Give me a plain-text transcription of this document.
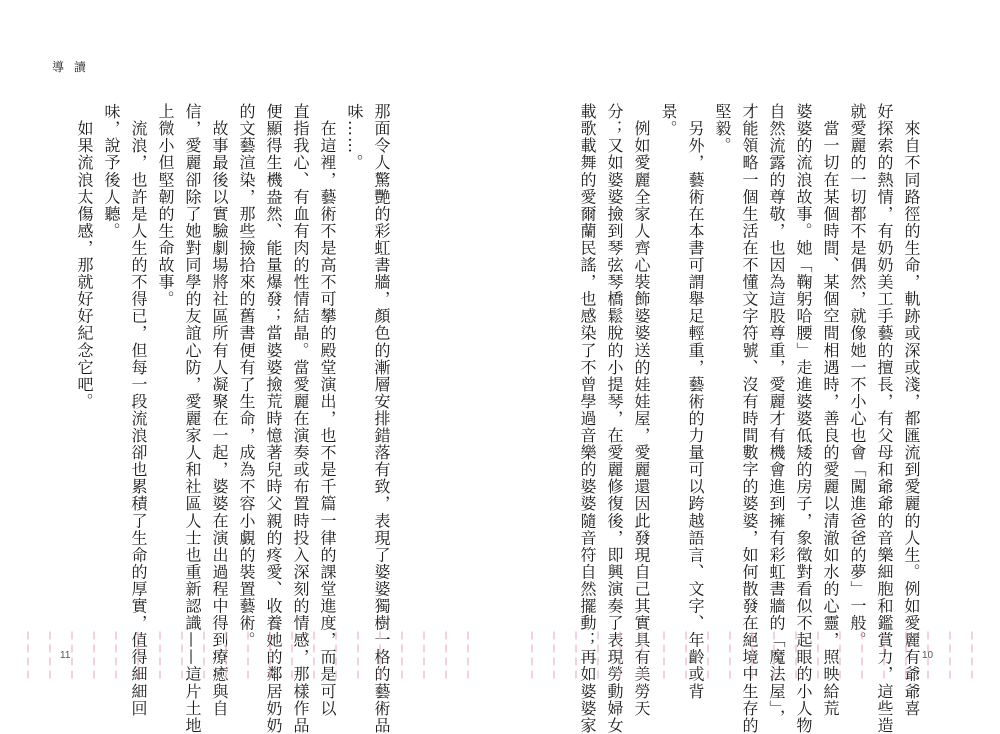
導 讀
那面令人驚艷的彩虹書牆，顏色的漸層安排錯落有致，表現了婆婆獨樹一格的藝術品
味……。
　在這裡，藝術不是高不可攀的殿堂演出，也不是千篇一律的課堂進度，而是可以
直指我心、有血有肉的性情結晶。當愛麗在演奏或布置時投入深刻的情感，那樣作品
便顯得生機盎然、能量爆發；當婆婆撿荒時憶著兒時父親的疼愛、收養她的鄰居奶奶
的文藝渲染，那些撿拾來的舊書便有了生命，成為不容小覷的裝置藝術。
　故事最後以實驗劇場將社區所有人凝聚在一起，婆婆在演出過程中得到療癒與自
信，愛麗卻除了她對同學的友誼心防，愛麗家人和社區人士也重新認識——這片土地
上微小但堅韌的生命故事。
　流浪，也許是人生的不得已，但每一段流浪卻也累積了生命的厚實，值得細細回
味，說予後人聽。
　如果流浪太傷感，那就好好紀念它吧。
11	　來自不同路徑的生命，軌跡或深或淺，都匯流到愛麗的人生。例如愛麗有爺爺喜
好探索的熱情，有奶奶美工手藝的擅長，有父母和爺爺的音樂細胞和鑑賞力，這些造
就愛麗的一切都不是偶然，就像她一不小心也會「闖進爸爸的夢」一般。
　當一切在某個時間、某個空間相遇時，善良的愛麗以清澈如水的心靈，照映給荒
婆婆的流浪故事。她「鞠躬哈腰」走進婆婆低矮的房子，象徵對看似不起眼的小人物
自然流露的尊敬，也因為這股尊重，愛麗才有機會進到擁有彩虹書牆的「魔法屋」，
才能領略一個生活在不懂文字符號、沒有時間數字的婆婆，如何散發在絕境中生存的
堅毅。
　另外，藝術在本書可謂舉足輕重，藝術的力量可以跨越語言、文字、年齡或背
景。
　例如愛麗全家人齊心裝飾婆婆送的娃娃屋，愛麗還因此發現自己其實具有美勞天
分；又如婆婆撿到琴弦琴橋鬆脫的小提琴，在愛麗修復後，即興演奏了表現勞動婦女
載歌載舞的愛爾蘭民謠，也感染了不曾學過音樂的婆婆隨音符自然擺動；再如婆婆家	10
